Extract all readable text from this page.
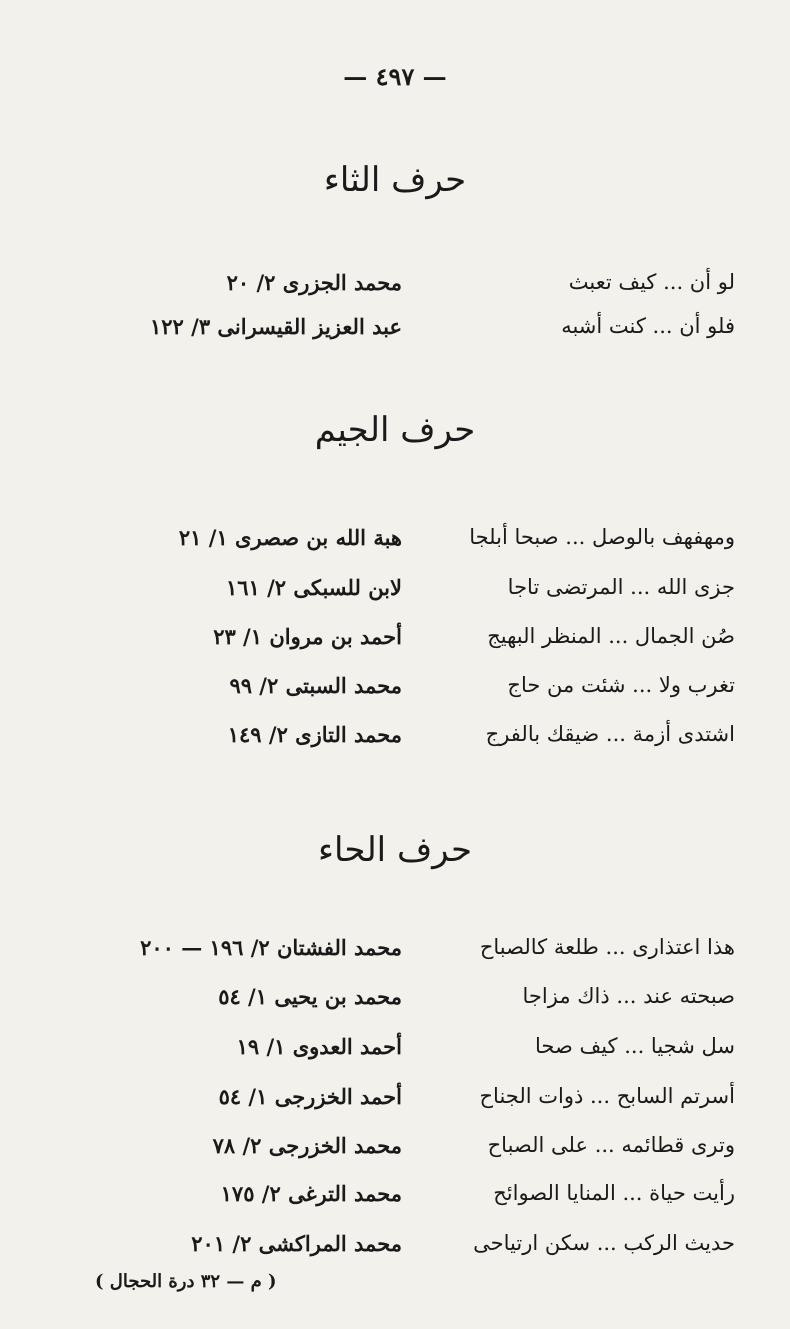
— ٤٩٧ —
حرف الثاء
لو أن ... كيف تعبث
محمد الجزرى ٢/ ٢٠
فلو أن ... كنت أشبه
عبد العزيز القيسرانى ٣/ ١٢٢
حرف الجيم
ومهفهف بالوصل ... صبحا أبلجا
هبة الله بن صصرى ١/ ٢١
جزى الله ... المرتضى تاجا
لابن للسبكى ٢/ ١٦١
صُن الجمال ... المنظر البهيج
أحمد بن مروان ١/ ٢٣
تغرب ولا ... شئت من حاج
محمد السبتى ٢/ ٩٩
اشتدى أزمة ... ضيقك بالفرج
محمد التازى ٢/ ١٤٩
حرف الحاء
هذا اعتذارى ... طلعة كالصباح
محمد الفشتان ٢/ ١٩٦ — ٢٠٠
صبحته عند ... ذاك مزاجا
محمد بن يحيى ١/ ٥٤
سل شجيا ... كيف صحا
أحمد العدوى ١/ ١٩
أسرتم السابح ... ذوات الجناح
أحمد الخزرجى ١/ ٥٤
وترى قطائمه ... على الصباح
محمد الخزرجى ٢/ ٧٨
رأيت حياة ... المنايا الصوائح
محمد الترغى ٢/ ١٧٥
حديث الركب ... سكن ارتياحى
محمد المراكشى ٢/ ٢٠١
( م — ٣٢ درة الحجال )
